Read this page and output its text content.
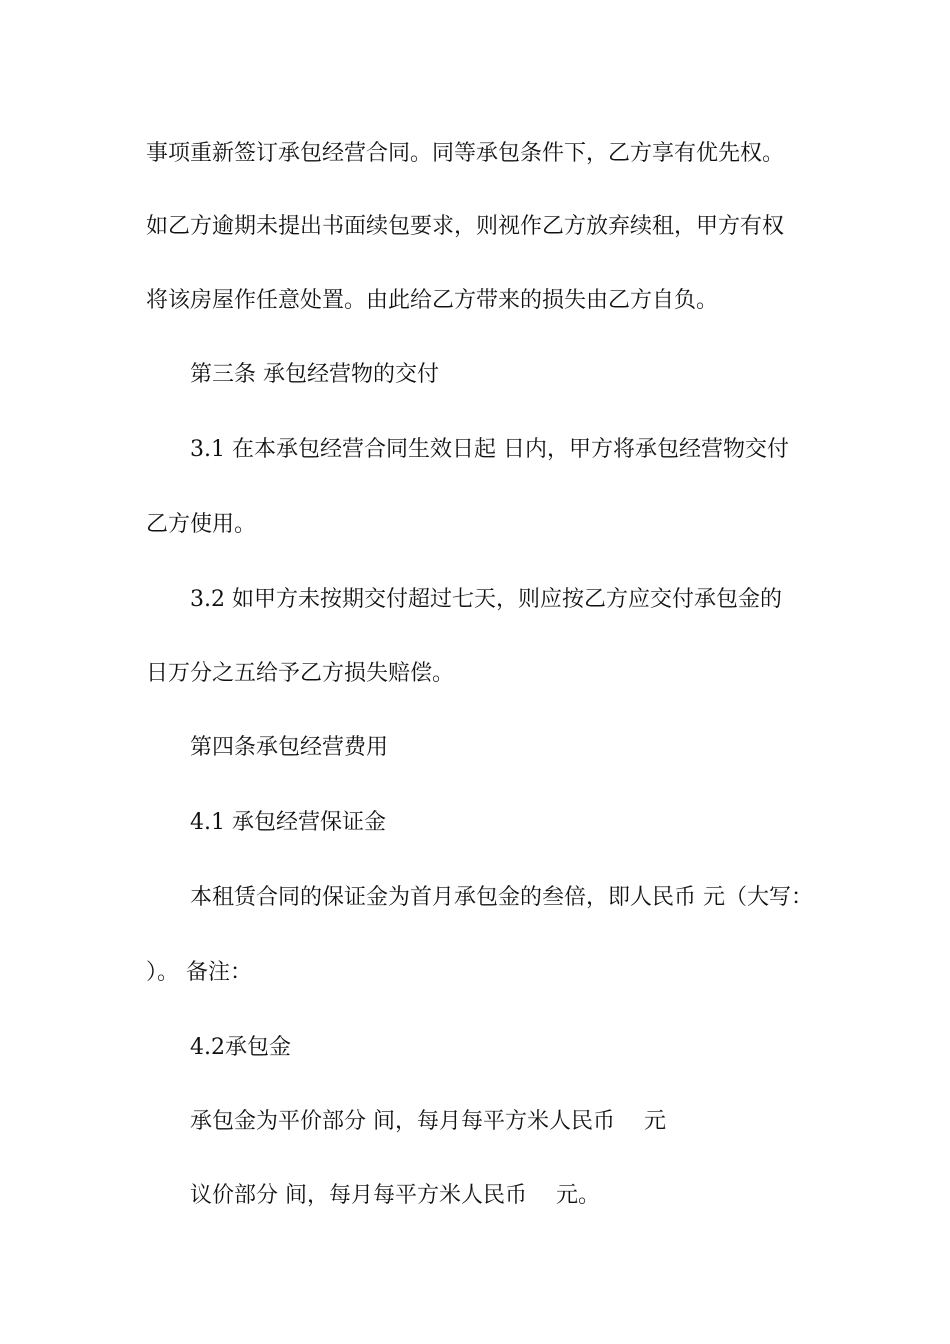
事项重新签订承包经营合同。同等承包条件下，乙方享有优先权。

如乙方逾期未提出书面续包要求，则视作乙方放弃续租，甲方有权

将该房屋作任意处置。由此给乙方带来的损失由乙方自负。

第三条 承包经营物的交付

3.1 在本承包经营合同生效日起 日内，甲方将承包经营物交付

乙方使用。

3.2 如甲方未按期交付超过七天，则应按乙方应交付承包金的

日万分之五给予乙方损失赔偿。

第四条承包经营费用

4.1 承包经营保证金

本租赁合同的保证金为首月承包金的叁倍，即人民币 元（大写：

）。 备注：

4.2承包金

承包金为平价部分 间，每月每平方米人民币　 元

议价部分 间，每月每平方米人民币　 元。
